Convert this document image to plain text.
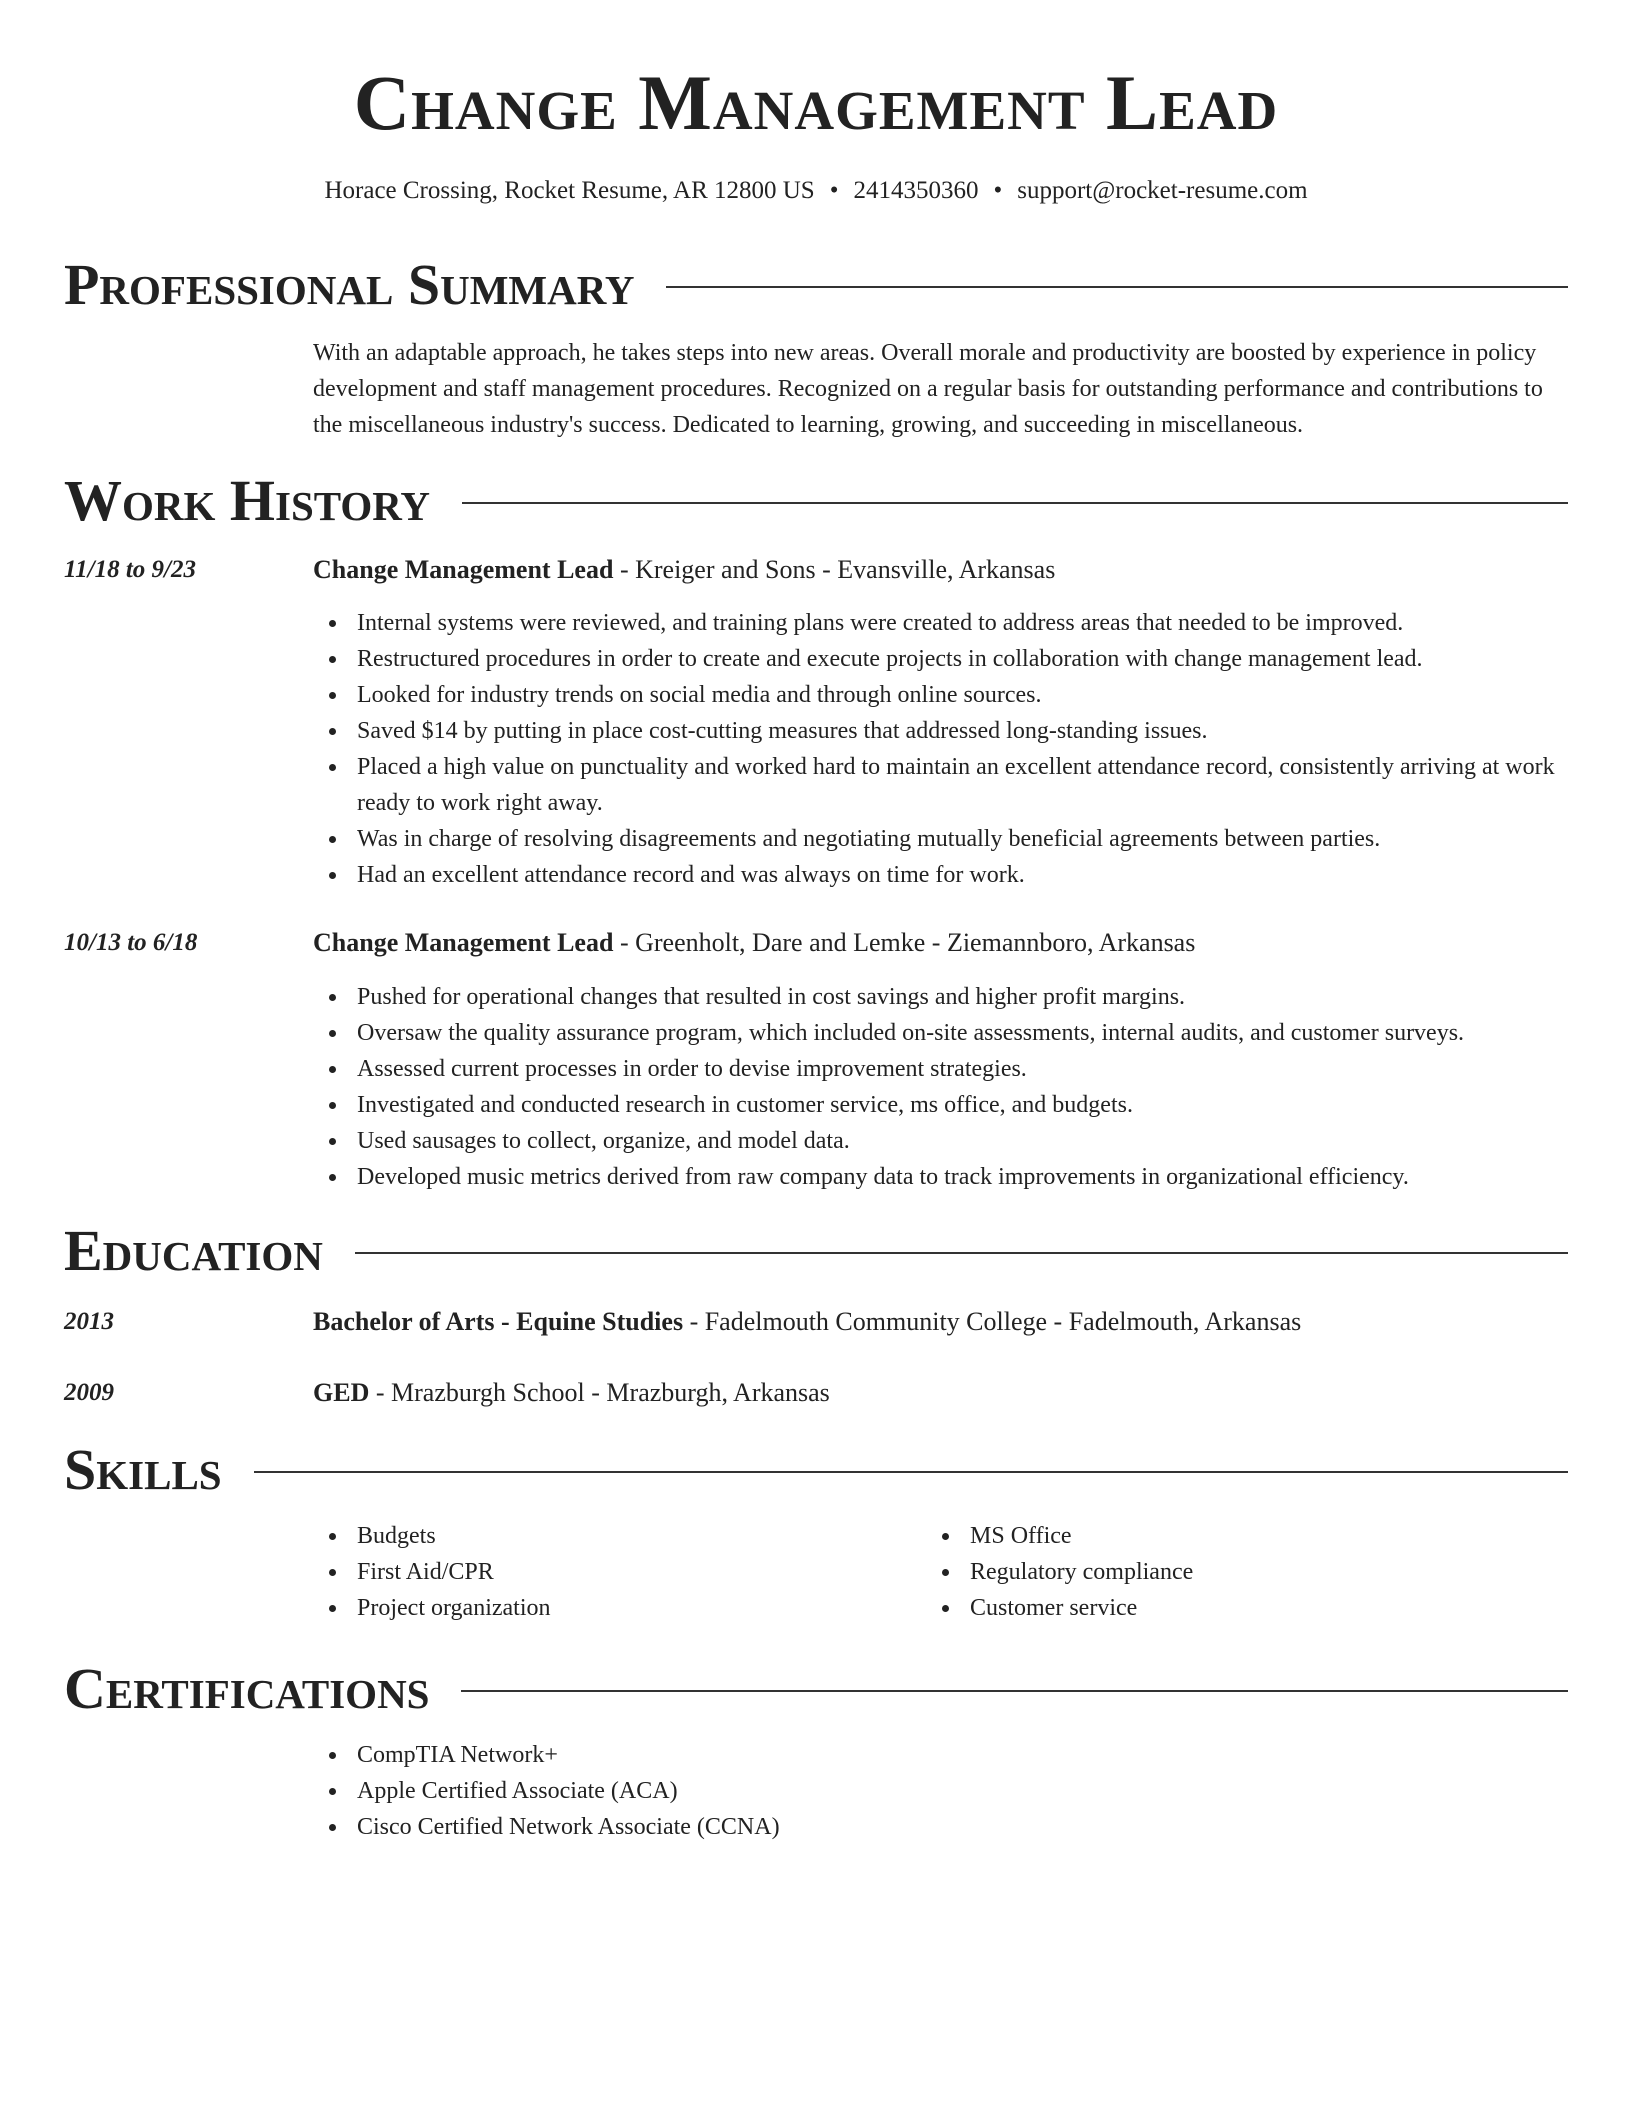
Change Management Lead
Horace Crossing, Rocket Resume, AR 12800 US • 2414350360 • support@rocket-resume.com
Professional Summary

With an adaptable approach, he takes steps into new areas. Overall morale and productivity are boosted by experience in policy development and staff management procedures. Recognized on a regular basis for outstanding performance and contributions to the miscellaneous industry's success. Dedicated to learning, growing, and succeeding in miscellaneous.

Work History
11/18 to 9/23	Change Management Lead - Kreiger and Sons - Evansville, Arkansas
Internal systems were reviewed, and training plans were created to address areas that needed to be improved.
Restructured procedures in order to create and execute projects in collaboration with change management lead.
Looked for industry trends on social media and through online sources.
Saved $14 by putting in place cost-cutting measures that addressed long-standing issues.
Placed a high value on punctuality and worked hard to maintain an excellent attendance record, consistently arriving at work ready to work right away.
Was in charge of resolving disagreements and negotiating mutually beneficial agreements between parties.
Had an excellent attendance record and was always on time for work.
10/13 to 6/18	Change Management Lead - Greenholt, Dare and Lemke - Ziemannboro, Arkansas
Pushed for operational changes that resulted in cost savings and higher profit margins.
Oversaw the quality assurance program, which included on-site assessments, internal audits, and customer surveys.
Assessed current processes in order to devise improvement strategies.
Investigated and conducted research in customer service, ms office, and budgets.
Used sausages to collect, organize, and model data.
Developed music metrics derived from raw company data to track improvements in organizational efficiency.
Education
2013	Bachelor of Arts - Equine Studies - Fadelmouth Community College - Fadelmouth, Arkansas
2009	GED - Mrazburgh School - Mrazburgh, Arkansas
Skills
Budgets
First Aid/CPR
Project organization
MS Office
Regulatory compliance
Customer service
Certifications
CompTIA Network+
Apple Certified Associate (ACA)
Cisco Certified Network Associate (CCNA)
